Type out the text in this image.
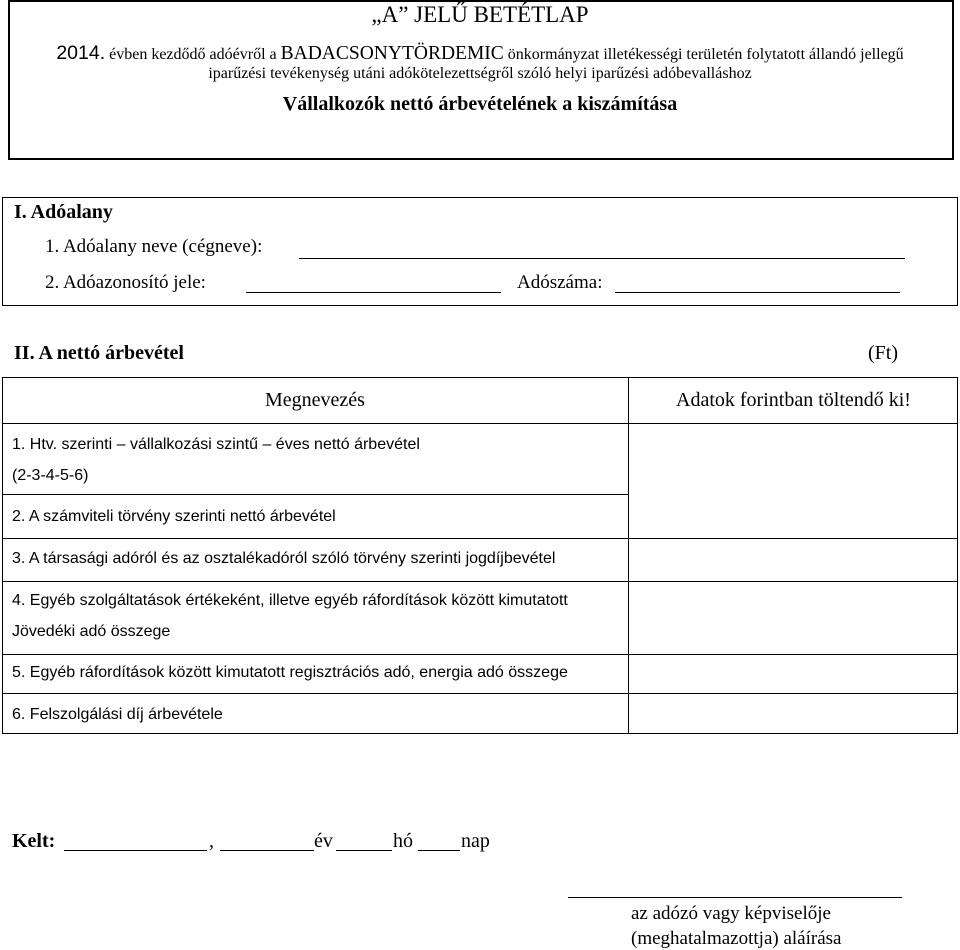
„A” JELŰ BETÉTLAP
2014. évben kezdődő adóévről a BADACSONYTÖRDEMIC önkormányzat illetékességi területén folytatott állandó jellegű
iparűzési tevékenység utáni adókötelezettségről szóló helyi iparűzési adóbevalláshoz
Vállalkozók nettó árbevételének a kiszámítása
I. Adóalany
1. Adóalany neve (cégneve):
2. Adóazonosító jele:	Adószáma:
II. A nettó árbevétel	(Ft)
Megnevezés	Adatok forintban töltendő ki!
1. Htv. szerinti – vállalkozási szintű – éves nettó árbevétel
(2-3-4-5-6)
2. A számviteli törvény szerinti nettó árbevétel
3. A társasági adóról és az osztalékadóról szóló törvény szerinti jogdíjbevétel
4. Egyéb szolgáltatások értékeként, illetve egyéb ráfordítások között kimutatott
Jövedéki adó összege
5. Egyéb ráfordítások között kimutatott regisztrációs adó, energia adó összege
6. Felszolgálási díj árbevétele
Kelt:	,	év	hó nap
az adózó vagy képviselője
(meghatalmazottja) aláírása
